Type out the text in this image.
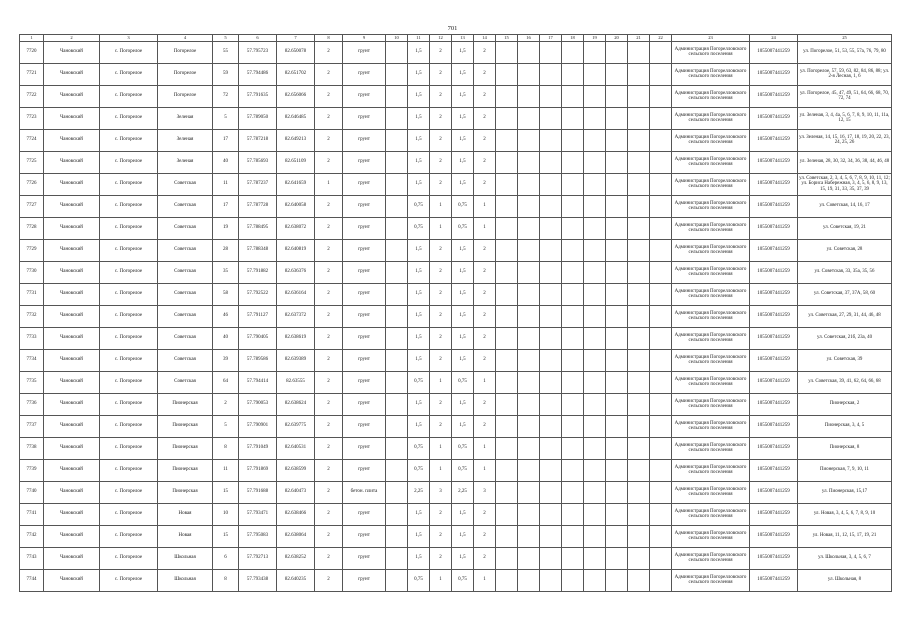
701
1	2	3	4	5	6	7	8	9	10	11	12	13	14	15	16	17	18	19	20	21	22	23	24	25
7720	Чановский	с. Погорелое	Погорелое	55	57.795723	82.650078	2	грунт		1,5	2	1,5	2									Администрация Погорелловского сельского поселения	1055007441259	ул. Погорелое, 51, 53, 55, 57а, 76, 79, 80
7721	Чановский	с. Погорелое	Погорелое	59	57.794486	82.651702	2	грунт		1,5	2	1,5	2									Администрация Погорелловского сельского поселения	1055007441259	ул. Погорелое, 57, 59, 63, 82, 84, 86, 88; ул. 2-я Лесная, 1, 6
7722	Чановский	с. Погорелое	Погорелое	72	57.791635	82.656066	2	грунт		1,5	2	1,5	2									Администрация Погорелловского сельского поселения	1055007441259	ул. Погорелое, 45, 47, 49, 51, 64, 66, 68, 70, 72, 74
7723	Чановский	с. Погорелое	Зеленая	5	57.789050	82.646485	2	грунт		1,5	2	1,5	2									Администрация Погорелловского сельского поселения	1055007441259	ул. Зеленая, 3, 4, 4а, 5, 6, 7, 8, 9, 10, 11, 11а, 12, 15
7724	Чановский	с. Погорелое	Зеленая	17	57.787218	82.649213	2	грунт		1,5	2	1,5	2									Администрация Погорелловского сельского поселения	1055007441259	ул. Зеленая, 14, 15, 16, 17, 18, 19, 20, 22, 23, 24, 25, 26
7725	Чановский	с. Погорелое	Зеленая	40	57.785693	82.651109	2	грунт		1,5	2	1,5	2									Администрация Погорелловского сельского поселения	1055007441259	ул. Зеленая, 28, 30, 32, 34, 36, 38, 44, 46, 48
7726	Чановский	с. Погорелое	Советская	11	57.787237	82.641659	1	грунт		1,5	2	1,5	2									Администрация Погорелловского сельского поселения	1055007441259	ул. Советская, 2, 3, 4, 5, 6, 7, 8, 9, 10, 11, 12; ул. Бориса Набережная, 3, 4, 5, 6, 8, 9, 13, 15, 19, 31, 33, 35, 37, 39
7727	Чановский	с. Погорелое	Советская	17	57.787728	82.640058	2	грунт		0,75	1	0,75	1									Администрация Погорелловского сельского поселения	1055007441259	ул. Советская, 14, 16, 17
7728	Чановский	с. Погорелое	Советская	19	57.788495	82.638072	2	грунт		0,75	1	0,75	1									Администрация Погорелловского сельского поселения	1055007441259	ул. Советская, 19, 21
7729	Чановский	с. Погорелое	Советская	28	57.788348	82.640819	2	грунт		1,5	2	1,5	2									Администрация Погорелловского сельского поселения	1055007441259	ул. Советская, 28
7730	Чановский	с. Погорелое	Советская	35	57.791882	82.636376	2	грунт		1,5	2	1,5	2									Администрация Погорелловского сельского поселения	1055007441259	ул. Советская, 33, 35а, 35, 56
7731	Чановский	с. Погорелое	Советская	58	57.792522	82.636164	2	грунт		1,5	2	1,5	2									Администрация Погорелловского сельского поселения	1055007441259	ул. Советская, 37, 37А, 58, 60
7732	Чановский	с. Погорелое	Советская	46	57.791127	82.637372	2	грунт		1,5	2	1,5	2									Администрация Погорелловского сельского поселения	1055007441259	ул. Советская, 27, 29, 31, 44, 46, 48
7733	Чановский	с. Погорелое	Советская	40	57.790405	82.638619	2	грунт		1,5	2	1,5	2									Администрация Погорелловского сельского поселения	1055007441259	ул. Советская, 21б, 23а, 40
7734	Чановский	с. Погорелое	Советская	39	57.789586	82.639389	2	грунт		1,5	2	1,5	2									Администрация Погорелловского сельского поселения	1055007441259	ул. Советская, 39
7735	Чановский	с. Погорелое	Советская	64	57.794414	82.63555	2	грунт		0,75	1	0,75	1									Администрация Погорелловского сельского поселения	1055007441259	ул. Советская, 39, 41, 62, 64, 66, 68
7736	Чановский	с. Погорелое	Пионерская	2	57.790053	82.638624	2	грунт		1,5	2	1,5	2									Администрация Погорелловского сельского поселения	1055007441259	Пионерская, 2
7737	Чановский	с. Погорелое	Пионерская	5	57.790901	82.639775	2	грунт		1,5	2	1,5	2									Администрация Погорелловского сельского поселения	1055007441259	Пионерская, 3, 4, 5
7738	Чановский	с. Погорелое	Пионерская	8	57.791049	82.640531	2	грунт		0,75	1	0,75	1									Администрация Погорелловского сельского поселения	1055007441259	Пионерская, 8
7739	Чановский	с. Погорелое	Пионерская	11	57.791869	82.638599	2	грунт		0,75	1	0,75	1									Администрация Погорелловского сельского поселения	1055007441259	Пионерская, 7, 9, 10, 11
7740	Чановский	с. Погорелое	Пионерская	15	57.791688	82.640473	2	бетон. плита		2,25	3	2,25	3									Администрация Погорелловского сельского поселения	1055007441259	ул. Пионерская, 15,17
7741	Чановский	с. Погорелое	Новая	10	57.793471	82.638466	2	грунт		1,5	2	1,5	2									Администрация Погорелловского сельского поселения	1055007441259	ул. Новая, 3, 4, 5, 6, 7, 8, 9, 10
7742	Чановский	с. Погорелое	Новая	15	57.795083	82.638064	2	грунт		1,5	2	1,5	2									Администрация Погорелловского сельского поселения	1055007441259	ул. Новая, 11, 12, 15, 17, 19, 21
7743	Чановский	с. Погорелое	Школьная	6	57.792713	82.638252	2	грунт		1,5	2	1,5	2									Администрация Погорелловского сельского поселения	1055007441259	ул. Школьная, 3, 4, 5, 6, 7
7744	Чановский	с. Погорелое	Школьная	8	57.793438	82.640235	2	грунт		0,75	1	0,75	1									Администрация Погорелловского сельского поселения	1055007441259	ул. Школьная, 8
